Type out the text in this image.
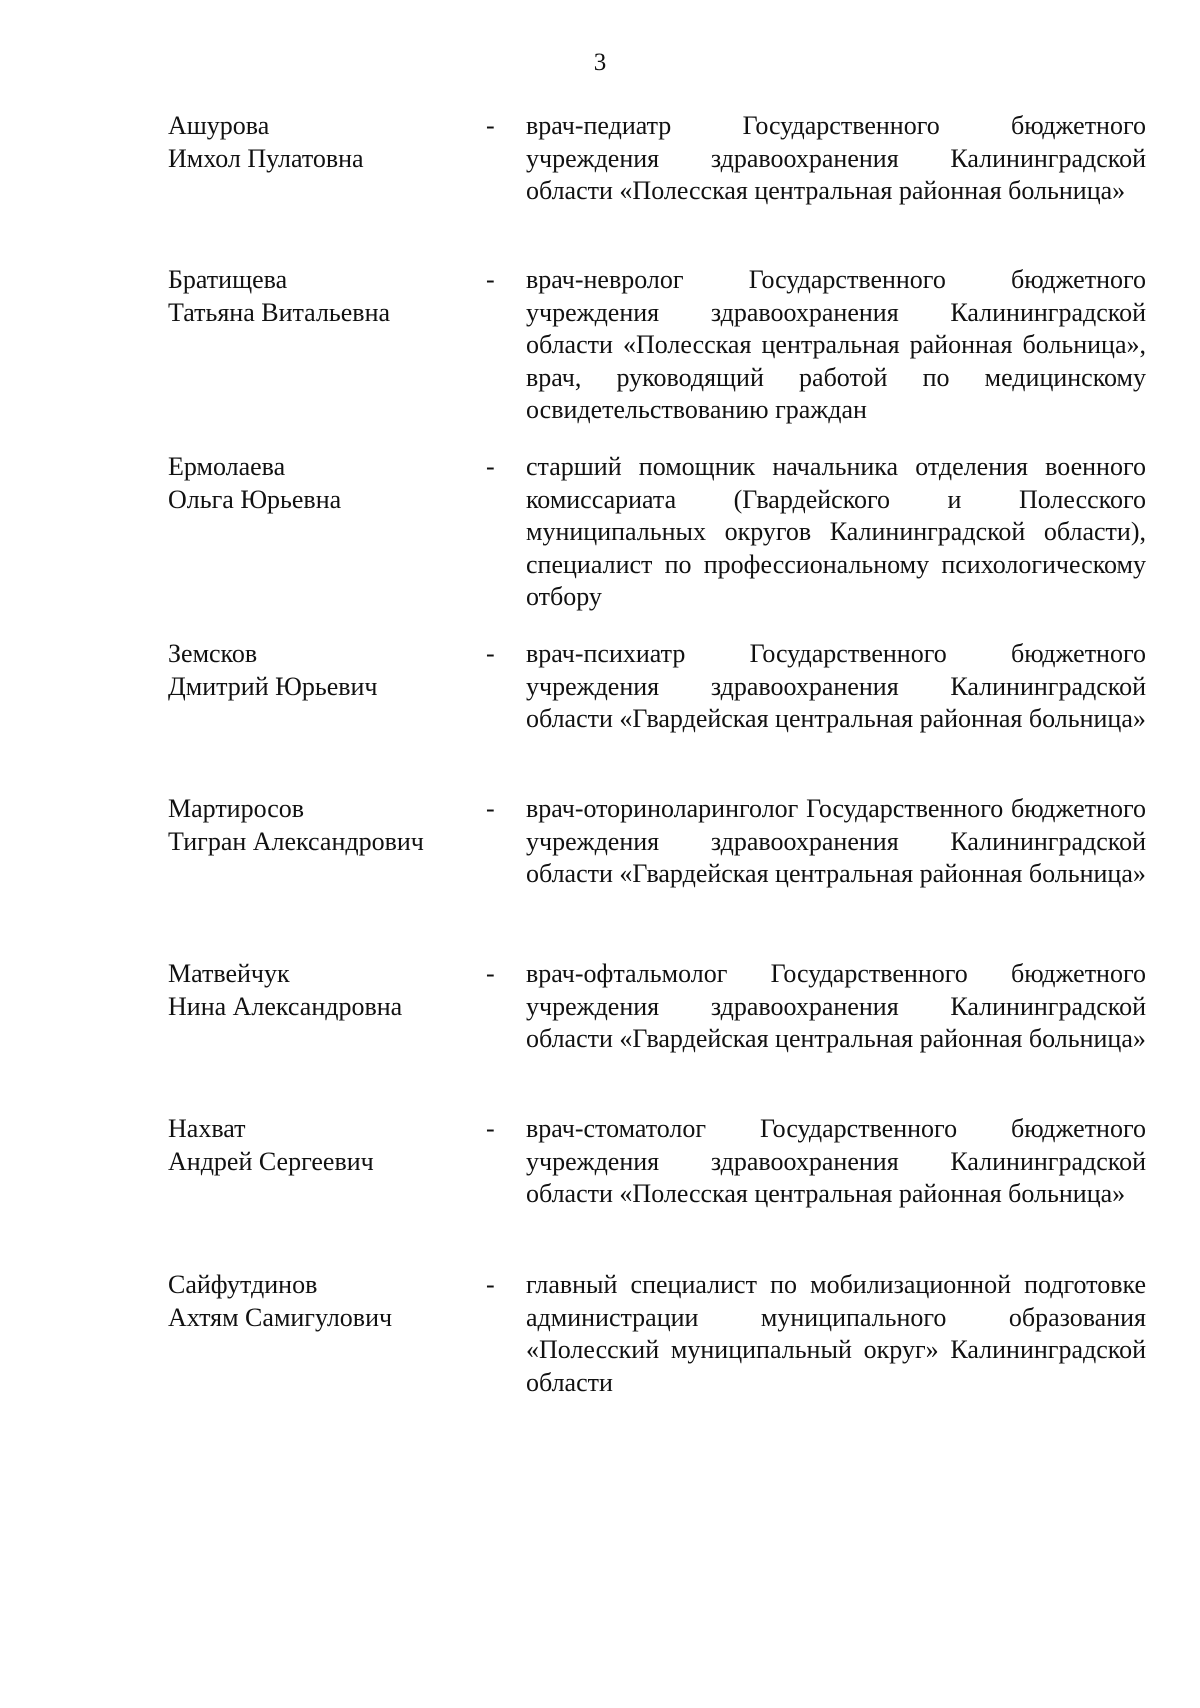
3
Ашурова
Имхол Пулатовна
- врач-педиатр Государственного бюджетного учреждения здравоохранения Калининградской области «Полесская центральная районная больница»
Братищева
Татьяна Витальевна
- врач-невролог Государственного бюджетного учреждения здравоохранения Калининградской области «Полесская центральная районная больница», врач, руководящий работой по медицинскому освидетельствованию граждан
Ермолаева
Ольга Юрьевна
- старший помощник начальника отделения военного комиссариата (Гвардейского и Полесского муниципальных округов Калининградской области), специалист по профессиональному психологическому отбору
Земсков
Дмитрий Юрьевич
- врач-психиатр Государственного бюджетного учреждения здравоохранения Калининградской области «Гвардейская центральная районная больница»
Мартиросов
Тигран Александрович
- врач-оториноларинголог Государственного бюджетного учреждения здравоохранения Калининградской области «Гвардейская центральная районная больница»
Матвейчук
Нина Александровна
- врач-офтальмолог Государственного бюджетного учреждения здравоохранения Калининградской области «Гвардейская центральная районная больница»
Нахват
Андрей Сергеевич
- врач-стоматолог Государственного бюджетного учреждения здравоохранения Калининградской области «Полесская центральная районная больница»
Сайфутдинов
Ахтям Самигулович
- главный специалист по мобилизационной подготовке администрации муниципального образования «Полесский муниципальный округ» Калининградской области
